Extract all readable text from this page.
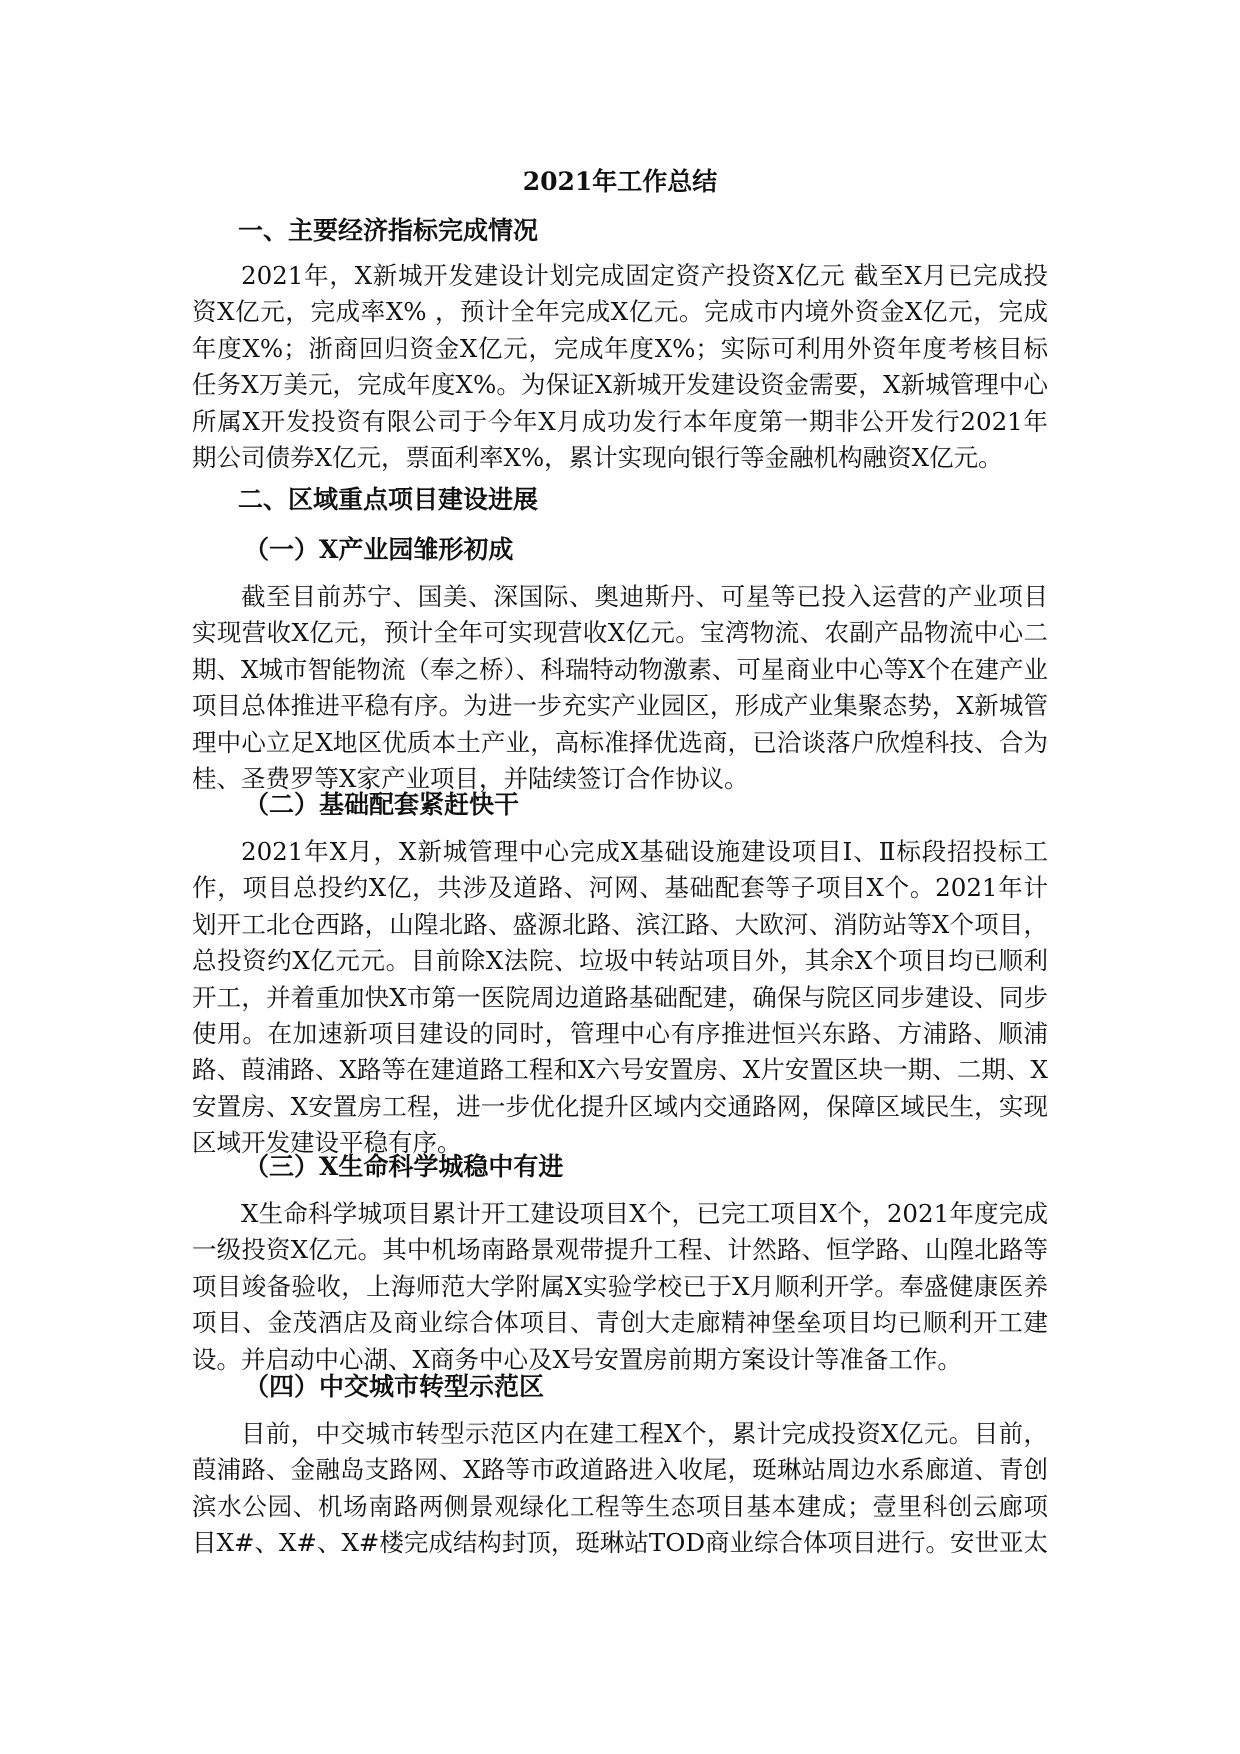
2021年工作总结
一、主要经济指标完成情况

2021年，X新城开发建设计划完成固定资产投资X亿元 截至X月已完成投资X亿元，完成率X% ，预计全年完成X亿元。完成市内境外资金X亿元，完成年度X%；浙商回归资金X亿元，完成年度X%；实际可利用外资年度考核目标任务X万美元，完成年度X%。为保证X新城开发建设资金需要，X新城管理中心所属X开发投资有限公司于今年X月成功发行本年度第一期非公开发行2021年期公司债券X亿元，票面利率X%，累计实现向银行等金融机构融资X亿元。

二、区域重点项目建设进展
（一）X产业园雏形初成

截至目前苏宁、国美、深国际、奥迪斯丹、可星等已投入运营的产业项目实现营收X亿元，预计全年可实现营收X亿元。宝湾物流、农副产品物流中心二期、X城市智能物流（奉之桥）、科瑞特动物激素、可星商业中心等X个在建产业项目总体推进平稳有序。为进一步充实产业园区，形成产业集聚态势，X新城管理中心立足X地区优质本土产业，高标准择优选商，已洽谈落户欣煌科技、合为桂、圣费罗等X家产业项目，并陆续签订合作协议。

（二）基础配套紧赶快干

2021年X月，X新城管理中心完成X基础设施建设项目Ⅰ、Ⅱ标段招投标工作，项目总投约X亿，共涉及道路、河网、基础配套等子项目X个。2021年计划开工北仓西路，山隍北路、盛源北路、滨江路、大欧河、消防站等X个项目，总投资约X亿元元。目前除X法院、垃圾中转站项目外，其余X个项目均已顺利开工，并着重加快X市第一医院周边道路基础配建，确保与院区同步建设、同步使用。在加速新项目建设的同时，管理中心有序推进恒兴东路、方浦路、顺浦路、葭浦路、X路等在建道路工程和X六号安置房、X片安置区块一期、二期、X安置房、X安置房工程，进一步优化提升区域内交通路网，保障区域民生，实现区域开发建设平稳有序。

（三）X生命科学城稳中有进

X生命科学城项目累计开工建设项目X个，已完工项目X个，2021年度完成一级投资X亿元。其中机场南路景观带提升工程、计然路、恒学路、山隍北路等项目竣备验收，上海师范大学附属X实验学校已于X月顺利开学。奉盛健康医养项目、金茂酒店及商业综合体项目、青创大走廊精神堡垒项目均已顺利开工建设。并启动中心湖、X商务中心及X号安置房前期方案设计等准备工作。

（四）中交城市转型示范区

目前，中交城市转型示范区内在建工程X个，累计完成投资X亿元。目前，葭浦路、金融岛支路网、X路等市政道路进入收尾，珽琳站周边水系廊道、青创滨水公园、机场南路两侧景观绿化工程等生态项目基本建成；壹里科创云廊项目X#、X#、X#楼完成结构封顶，珽琳站TOD商业综合体项目进行。安世亚太
